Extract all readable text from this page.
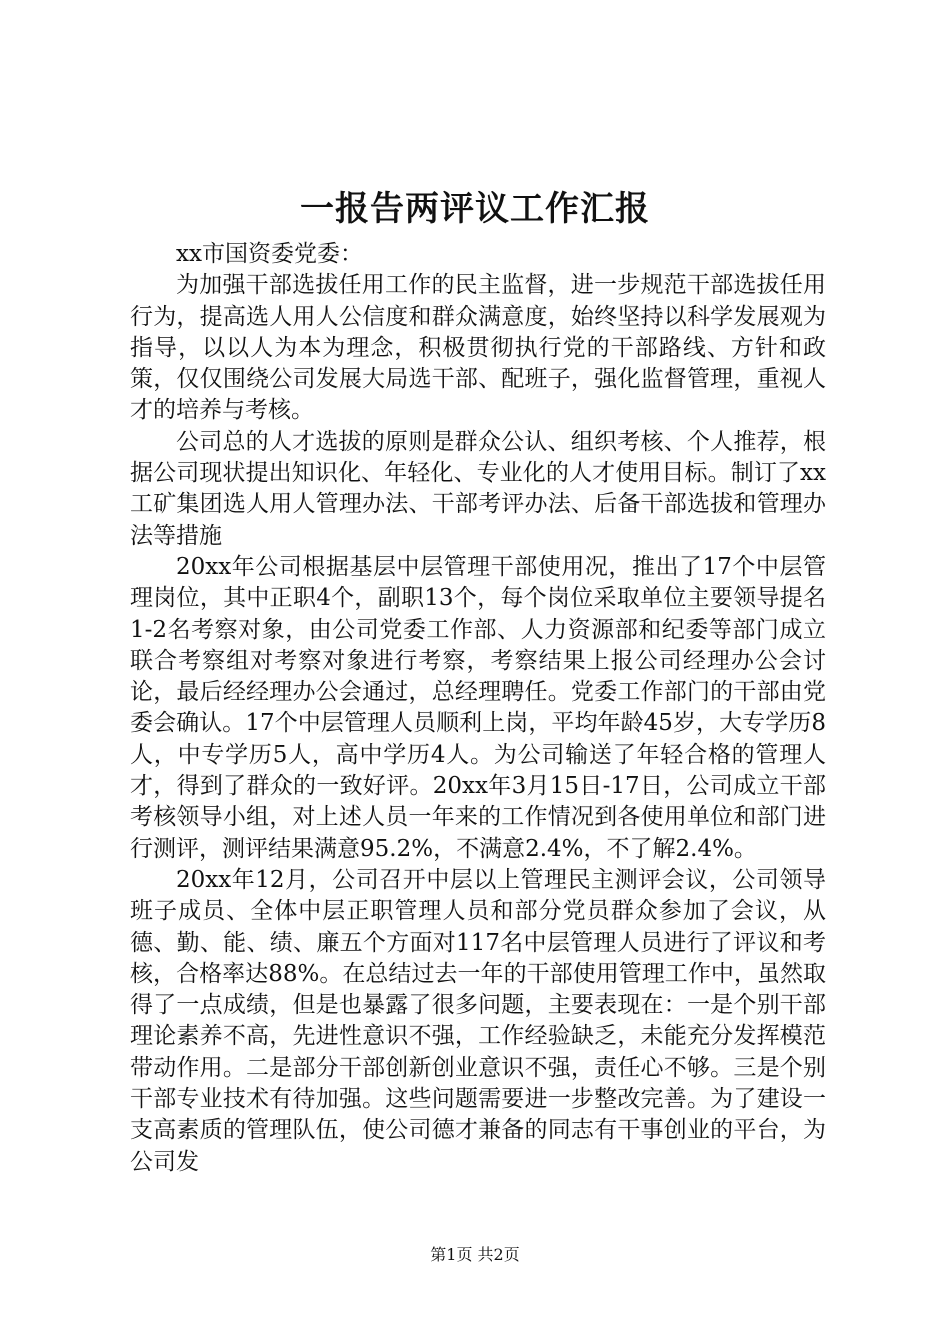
一报告两评议工作汇报

xx市国资委党委：

为加强干部选拔任用工作的民主监督，进一步规范干部选拔任用行为，提高选人用人公信度和群众满意度，始终坚持以科学发展观为指导，以以人为本为理念，积极贯彻执行党的干部路线、方针和政策，仅仅围绕公司发展大局选干部、配班子，强化监督管理，重视人才的培养与考核。

公司总的人才选拔的原则是群众公认、组织考核、个人推荐，根据公司现状提出知识化、年轻化、专业化的人才使用目标。制订了xx工矿集团选人用人管理办法、干部考评办法、后备干部选拔和管理办法等措施

20xx年公司根据基层中层管理干部使用况，推出了17个中层管理岗位，其中正职4个，副职13个，每个岗位采取单位主要领导提名1-2名考察对象，由公司党委工作部、人力资源部和纪委等部门成立联合考察组对考察对象进行考察，考察结果上报公司经理办公会讨论，最后经经理办公会通过，总经理聘任。党委工作部门的干部由党委会确认。17个中层管理人员顺利上岗，平均年龄45岁，大专学历8人，中专学历5人，高中学历4人。为公司输送了年轻合格的管理人才，得到了群众的一致好评。20xx年3月15日-17日，公司成立干部考核领导小组，对上述人员一年来的工作情况到各使用单位和部门进行测评，测评结果满意95.2%，不满意2.4%，不了解2.4%。

20xx年12月，公司召开中层以上管理民主测评会议，公司领导班子成员、全体中层正职管理人员和部分党员群众参加了会议，从德、勤、能、绩、廉五个方面对117名中层管理人员进行了评议和考核，合格率达88%。在总结过去一年的干部使用管理工作中，虽然取得了一点成绩，但是也暴露了很多问题，主要表现在：一是个别干部理论素养不高，先进性意识不强，工作经验缺乏，未能充分发挥模范带动作用。二是部分干部创新创业意识不强，责任心不够。三是个别干部专业技术有待加强。这些问题需要进一步整改完善。为了建设一支高素质的管理队伍，使公司德才兼备的同志有干事创业的平台，为公司发

第1页 共2页
